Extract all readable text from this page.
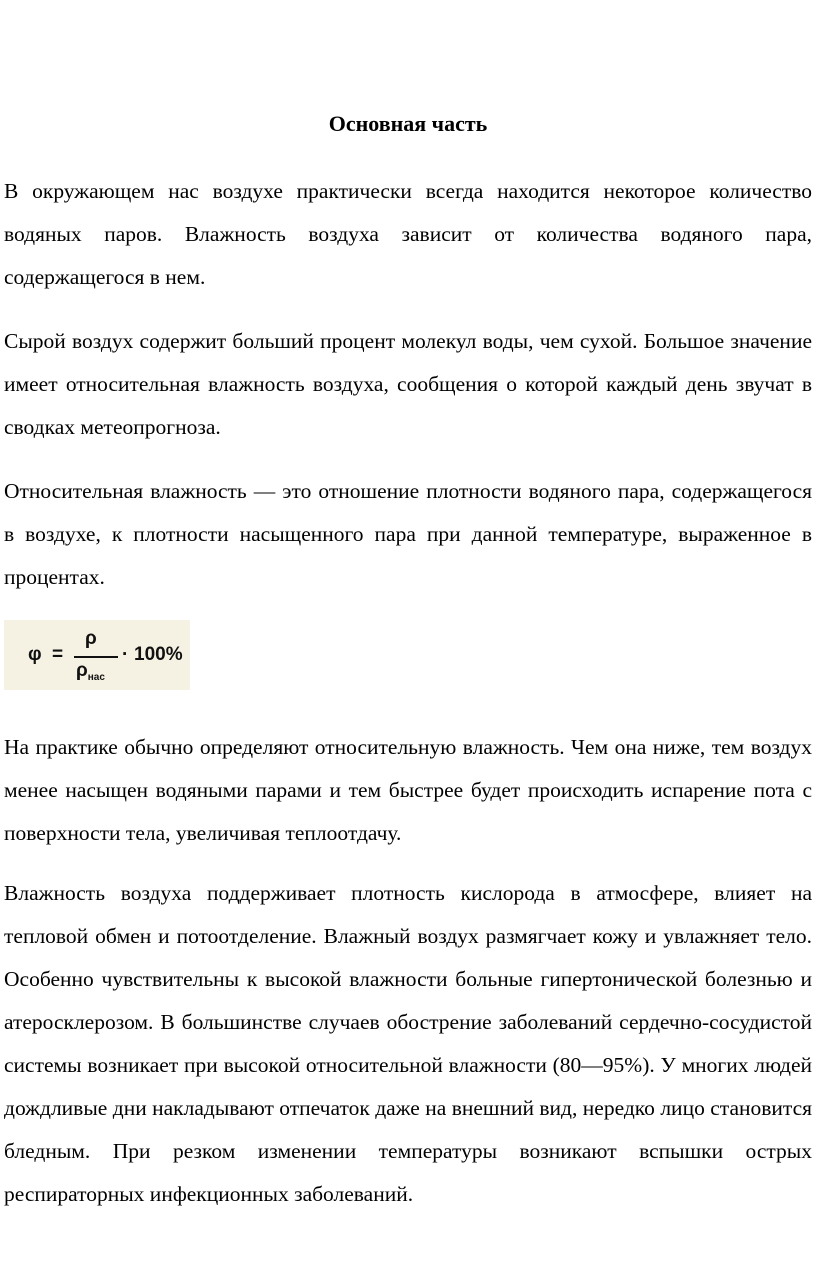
Основная часть

В окружающем нас воздухе практически всегда находится некоторое количество водяных паров. Влажность воздуха зависит от количества водяного пара, содержащегося в нем.

Сырой воздух содержит больший процент молекул воды, чем сухой. Большое значение имеет относительная влажность воздуха, сообщения о которой каждый день звучат в сводках метеопрогноза.

Относительная влажность — это отношение плотности водяного пара, содержащегося в воздухе, к плотности насыщенного пара при данной температуре, выраженное в процентах.

φ =
ρ
$\rho_{нас}$
· 100%

На практике обычно определяют относительную влажность. Чем она ниже, тем воздух менее насыщен водяными парами и тем быстрее будет происходить испарение пота с поверхности тела, увеличивая теплоотдачу.

Влажность воздуха поддерживает плотность кислорода в атмосфере, влияет на тепловой обмен и потоотделение. Влажный воздух размягчает кожу и увлажняет тело. Особенно чувствительны к высокой влажности больные гипертонической болезнью и атеросклерозом. В большинстве случаев обострение заболеваний сердечно-сосудистой системы возникает при высокой относительной влажности (80—95%). У многих людей дождливые дни накладывают отпечаток даже на внешний вид, нередко лицо становится бледным. При резком изменении температуры возникают вспышки острых респираторных инфекционных заболеваний.
